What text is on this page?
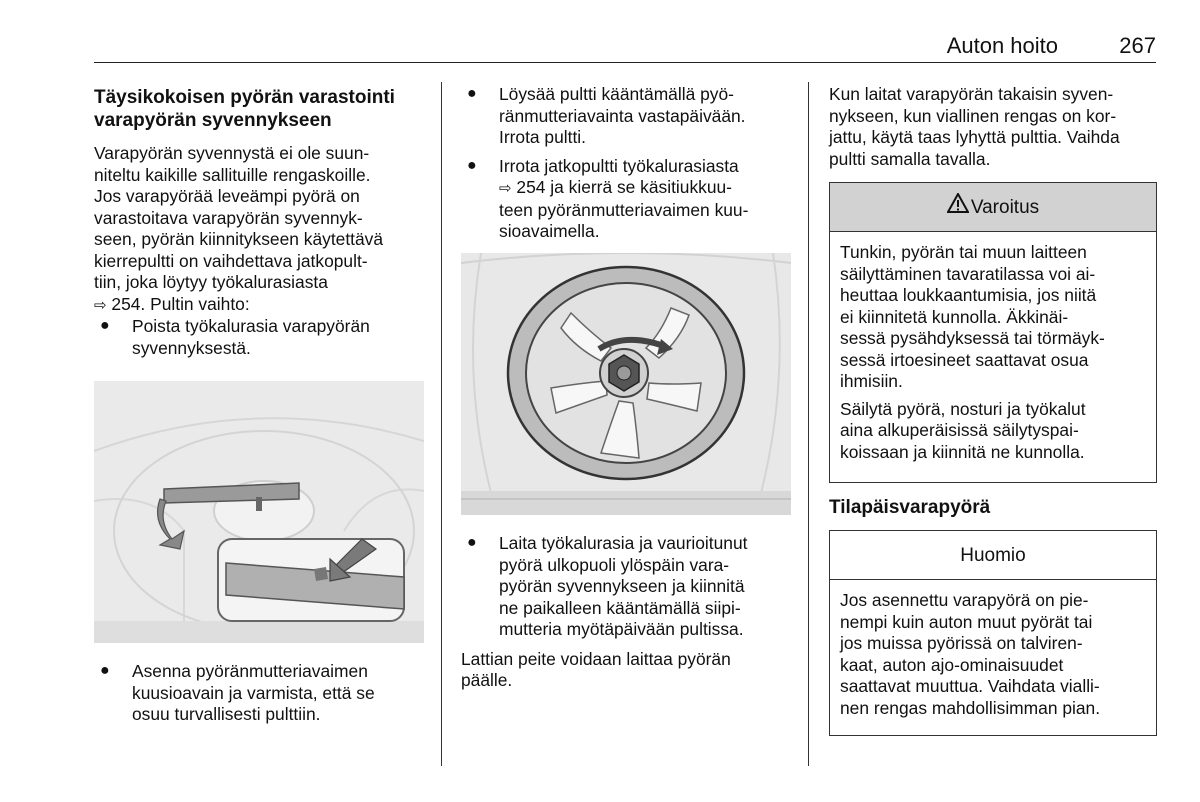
Auton hoito	267

Täysikokoisen pyörän varastointi varapyörän syvennykseen

Varapyörän syvennystä ei ole suun-

niteltu kaikille sallituille rengaskoille.

Jos varapyörää leveämpi pyörä on

varastoitava varapyörän syvennyk-

seen, pyörän kiinnitykseen käytettävä

kierrepultti on vaihdettava jatkopult-

tiin, joka löytyy työkalurasiasta

⇨ 254. Pultin vaihto:

● Poista työkalurasia varapyörän

syvennyksestä.

● Asenna pyöränmutteriavaimen

kuusioavain ja varmista, että se

osuu turvallisesti pulttiin.

● Löysää pultti kääntämällä pyö-

ränmutteriavainta vastapäivään.

Irrota pultti.

● Irrota jatkopultti työkalurasiasta

⇨ 254 ja kierrä se käsitiukkuu-

teen pyöränmutteriavaimen kuu-

sioavaimella.

● Laita työkalurasia ja vaurioitunut

pyörä ulkopuoli ylöspäin vara-

pyörän syvennykseen ja kiinnitä

ne paikalleen kääntämällä siipi-

mutteria myötäpäivään pultissa.

Lattian peite voidaan laittaa pyörän

päälle.

Kun laitat varapyörän takaisin syven-

nykseen, kun viallinen rengas on kor-

jattu, käytä taas lyhyttä pulttia. Vaihda

pultti samalla tavalla.

Varoitus

Tunkin, pyörän tai muun laitteen

säilyttäminen tavaratilassa voi ai-

heuttaa loukkaantumisia, jos niitä

ei kiinnitetä kunnolla. Äkkinäi-

sessä pysähdyksessä tai törmäyk-

sessä irtoesineet saattavat osua

ihmisiin.

Säilytä pyörä, nosturi ja työkalut

aina alkuperäisissä säilytyspai-

koissaan ja kiinnitä ne kunnolla.

Tilapäisvarapyörä

Huomio

Jos asennettu varapyörä on pie-

nempi kuin auton muut pyörät tai

jos muissa pyörissä on talviren-

kaat, auton ajo-ominaisuudet

saattavat muuttua. Vaihdata vialli-

nen rengas mahdollisimman pian.
